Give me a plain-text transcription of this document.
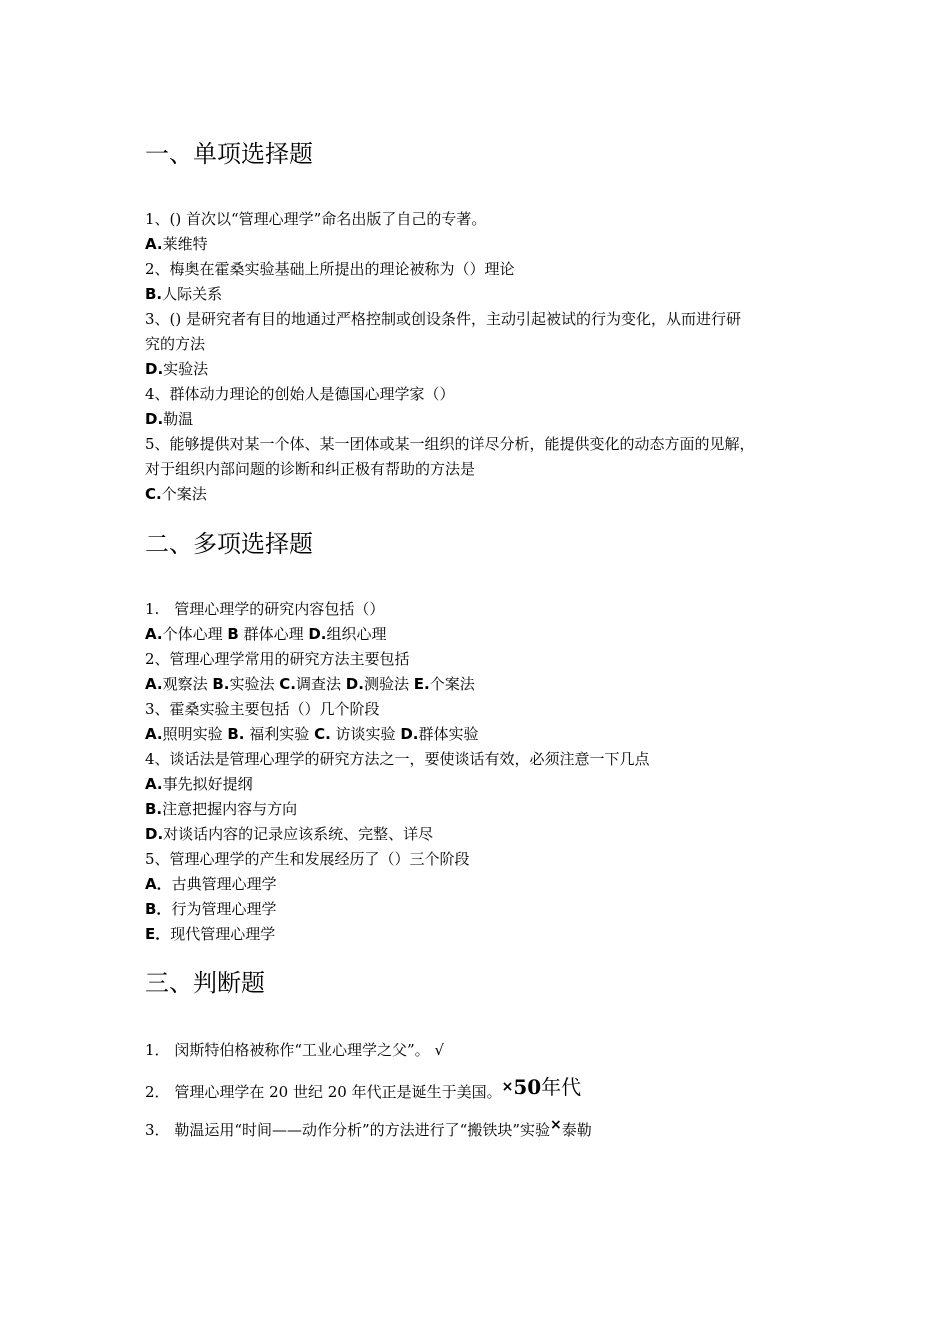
一、单项选择题
1、() 首次以“管理心理学”命名出版了自己的专著。
A.莱维特
2、梅奥在霍桑实验基础上所提出的理论被称为（）理论
B.人际关系
3、() 是研究者有目的地通过严格控制或创设条件，主动引起被试的行为变化，从而进行研
究的方法
D.实验法
4、群体动力理论的创始人是德国心理学家（）
D.勒温
5、能够提供对某一个体、某一团体或某一组织的详尽分析，能提供变化的动态方面的见解，
对于组织内部问题的诊断和纠正极有帮助的方法是
C.个案法
二、多项选择题
1.　管理心理学的研究内容包括（）
A.个体心理 B 群体心理 D.组织心理
2、管理心理学常用的研究方法主要包括
A.观察法 B.实验法 C.调查法 D.测验法 E.个案法
3、霍桑实验主要包括（）几个阶段
A.照明实验 B. 福利实验 C. 访谈实验 D.群体实验
4、谈话法是管理心理学的研究方法之一，要使谈话有效，必须注意一下几点
A.事先拟好提纲
B.注意把握内容与方向
D.对谈话内容的记录应该系统、完整、详尽
5、管理心理学的产生和发展经历了（）三个阶段
A．古典管理心理学
B．行为管理心理学
E．现代管理心理学
三、判断题
1． 闵斯特伯格被称作“工业心理学之父”。 √
2． 管理心理学在 20 世纪 20 年代正是诞生于美国。×50年代
3． 勒温运用“时间——动作分析”的方法进行了“搬铁块”实验×泰勒
